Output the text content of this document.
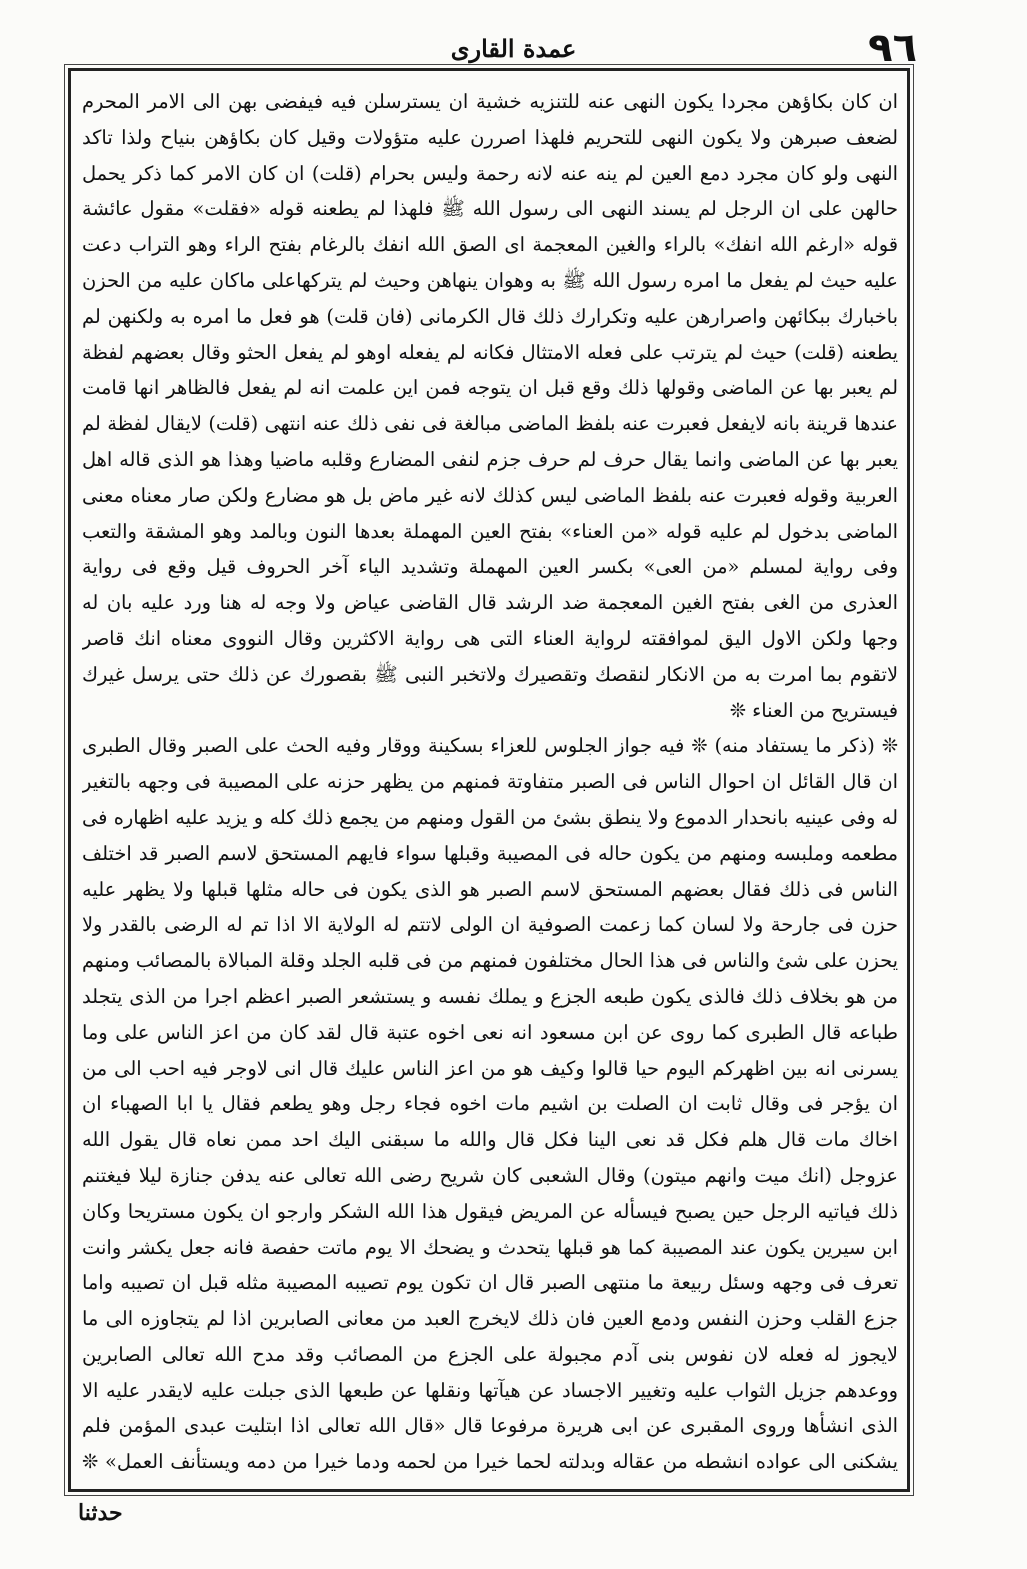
٩٦
عمدة القاری

ان كان بكاؤهن مجردا يكون النهى عنه للتنزيه خشية ان يسترسلن فيه فيفضى بهن الى الامر المحرم لضعف صبرهن ولا يكون النهى للتحريم فلهذا اصررن عليه متؤولات وقيل كان بكاؤهن بنياح ولذا تاكد النهى ولو كان مجرد دمع العين لم ينه عنه لانه رحمة وليس بحرام (قلت) ان كان الامر كما ذكر يحمل حالهن على ان الرجل لم يسند النهى الى رسول الله ﷺ فلهذا لم يطعنه قوله «فقلت» مقول عائشة قوله «ارغم الله انفك» بالراء والغين المعجمة اى الصق الله انفك بالرغام بفتح الراء وهو التراب دعت عليه حيث لم يفعل ما امره رسول الله ﷺ به وهوان ينهاهن وحيث لم يتركهاعلى ماكان عليه من الحزن باخبارك ببكائهن واصرارهن عليه وتكرارك ذلك قال الكرمانى (فان قلت) هو فعل ما امره به ولكنهن لم يطعنه (قلت) حيث لم يترتب على فعله الامتثال فكانه لم يفعله اوهو لم يفعل الحثو وقال بعضهم لفظة لم يعبر بها عن الماضى وقولها ذلك وقع قبل ان يتوجه فمن اين علمت انه لم يفعل فالظاهر انها قامت عندها قرينة بانه لايفعل فعبرت عنه بلفظ الماضى مبالغة فى نفى ذلك عنه انتهى (قلت) لايقال لفظة لم يعبر بها عن الماضى وانما يقال حرف لم حرف جزم لنفى المضارع وقلبه ماضيا وهذا هو الذى قاله اهل العربية وقوله فعبرت عنه بلفظ الماضى ليس كذلك لانه غير ماض بل هو مضارع ولكن صار معناه معنى الماضى بدخول لم عليه قوله «من العناء» بفتح العين المهملة بعدها النون وبالمد وهو المشقة والتعب وفى رواية لمسلم «من العى» بكسر العين المهملة وتشديد الياء آخر الحروف قيل وقع فى رواية العذرى من الغى بفتح الغين المعجمة ضد الرشد قال القاضى عياض ولا وجه له هنا ورد عليه بان له وجها ولكن الاول اليق لموافقته لرواية العناء التى هى رواية الاكثرين وقال النووى معناه انك قاصر لاتقوم بما امرت به من الانكار لنقصك وتقصيرك ولاتخبر النبى ﷺ بقصورك عن ذلك حتى يرسل غيرك فيستريح من العناء ❊

❊ (ذكر ما يستفاد منه) ❊ فيه جواز الجلوس للعزاء بسكينة ووقار وفيه الحث على الصبر وقال الطبرى ان قال القائل ان احوال الناس فى الصبر متفاوتة فمنهم من يظهر حزنه على المصيبة فى وجهه بالتغير له وفى عينيه بانحدار الدموع ولا ينطق بشئ من القول ومنهم من يجمع ذلك كله و يزيد عليه اظهاره فى مطعمه وملبسه ومنهم من يكون حاله فى المصيبة وقبلها سواء فايهم المستحق لاسم الصبر قد اختلف الناس فى ذلك فقال بعضهم المستحق لاسم الصبر هو الذى يكون فى حاله مثلها قبلها ولا يظهر عليه حزن فى جارحة ولا لسان كما زعمت الصوفية ان الولى لاتتم له الولاية الا اذا تم له الرضى بالقدر ولا يحزن على شئ والناس فى هذا الحال مختلفون فمنهم من فى قلبه الجلد وقلة المبالاة بالمصائب ومنهم من هو بخلاف ذلك فالذى يكون طبعه الجزع و يملك نفسه و يستشعر الصبر اعظم اجرا من الذى يتجلد طباعه قال الطبرى كما روى عن ابن مسعود انه نعى اخوه عتبة قال لقد كان من اعز الناس على وما يسرنى انه بين اظهركم اليوم حيا قالوا وكيف هو من اعز الناس عليك قال انى لاوجر فيه احب الى من ان يؤجر فى وقال ثابت ان الصلت بن اشيم مات اخوه فجاء رجل وهو يطعم فقال يا ابا الصهباء ان اخاك مات قال هلم فكل قد نعى الينا فكل قال والله ما سبقنى اليك احد ممن نعاه قال يقول الله عزوجل (انك ميت وانهم ميتون) وقال الشعبى كان شريح رضى الله تعالى عنه يدفن جنازة ليلا فيغتنم ذلك فياتيه الرجل حين يصبح فيسأله عن المريض فيقول هذا الله الشكر وارجو ان يكون مستريحا وكان ابن سيرين يكون عند المصيبة كما هو قبلها يتحدث و يضحك الا يوم ماتت حفصة فانه جعل يكشر وانت تعرف فى وجهه وسئل ربيعة ما منتهى الصبر قال ان تكون يوم تصيبه المصيبة مثله قبل ان تصيبه واما جزع القلب وحزن النفس ودمع العين فان ذلك لايخرج العبد من معانى الصابرين اذا لم يتجاوزه الى ما لايجوز له فعله لان نفوس بنى آدم مجبولة على الجزع من المصائب وقد مدح الله تعالى الصابرين ووعدهم جزيل الثواب عليه وتغيير الاجساد عن هيآتها ونقلها عن طبعها الذى جبلت عليه لايقدر عليه الا الذى انشأها وروى المقبرى عن ابى هريرة مرفوعا قال «قال الله تعالى اذا ابتليت عبدى المؤمن فلم يشكنى الى عواده انشطه من عقاله وبدلته لحما خيرا من لحمه ودما خيرا من دمه ويستأنف العمل» ❊

حدثنا
